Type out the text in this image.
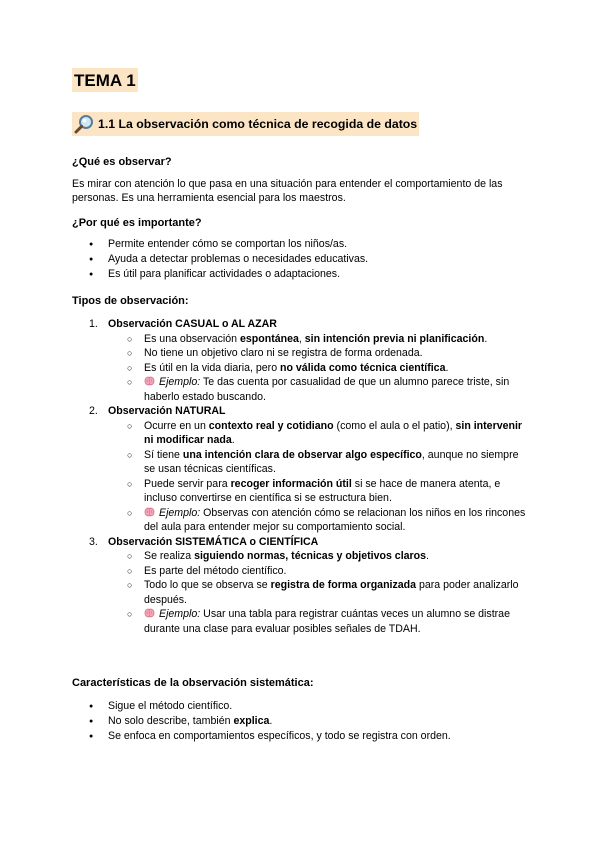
TEMA 1
1.1 La observación como técnica de recogida de datos
¿Qué es observar?

Es mirar con atención lo que pasa en una situación para entender el comportamiento de las personas. Es una herramienta esencial para los maestros.

¿Por qué es importante?
● Permite entender cómo se comportan los niños/as.
● Ayuda a detectar problemas o necesidades educativas.
● Es útil para planificar actividades o adaptaciones.
Tipos de observación:
1. Observación CASUAL o AL AZAR
○ Es una observación espontánea, sin intención previa ni planificación.
○ No tiene un objetivo claro ni se registra de forma ordenada.
○ Es útil en la vida diaria, pero no válida como técnica científica.
○ Ejemplo: Te das cuenta por casualidad de que un alumno parece triste, sin haberlo estado buscando.
2. Observación NATURAL
○ Ocurre en un contexto real y cotidiano (como el aula o el patio), sin intervenir ni modificar nada.
○ Sí tiene una intención clara de observar algo específico, aunque no siempre se usan técnicas científicas.
○ Puede servir para recoger información útil si se hace de manera atenta, e incluso convertirse en científica si se estructura bien.
○ Ejemplo: Observas con atención cómo se relacionan los niños en los rincones del aula para entender mejor su comportamiento social.
3. Observación SISTEMÁTICA o CIENTÍFICA
○ Se realiza siguiendo normas, técnicas y objetivos claros.
○ Es parte del método científico.
○ Todo lo que se observa se registra de forma organizada para poder analizarlo después.
○ Ejemplo: Usar una tabla para registrar cuántas veces un alumno se distrae durante una clase para evaluar posibles señales de TDAH.
Características de la observación sistemática:
● Sigue el método científico.
● No solo describe, también explica.
● Se enfoca en comportamientos específicos, y todo se registra con orden.
